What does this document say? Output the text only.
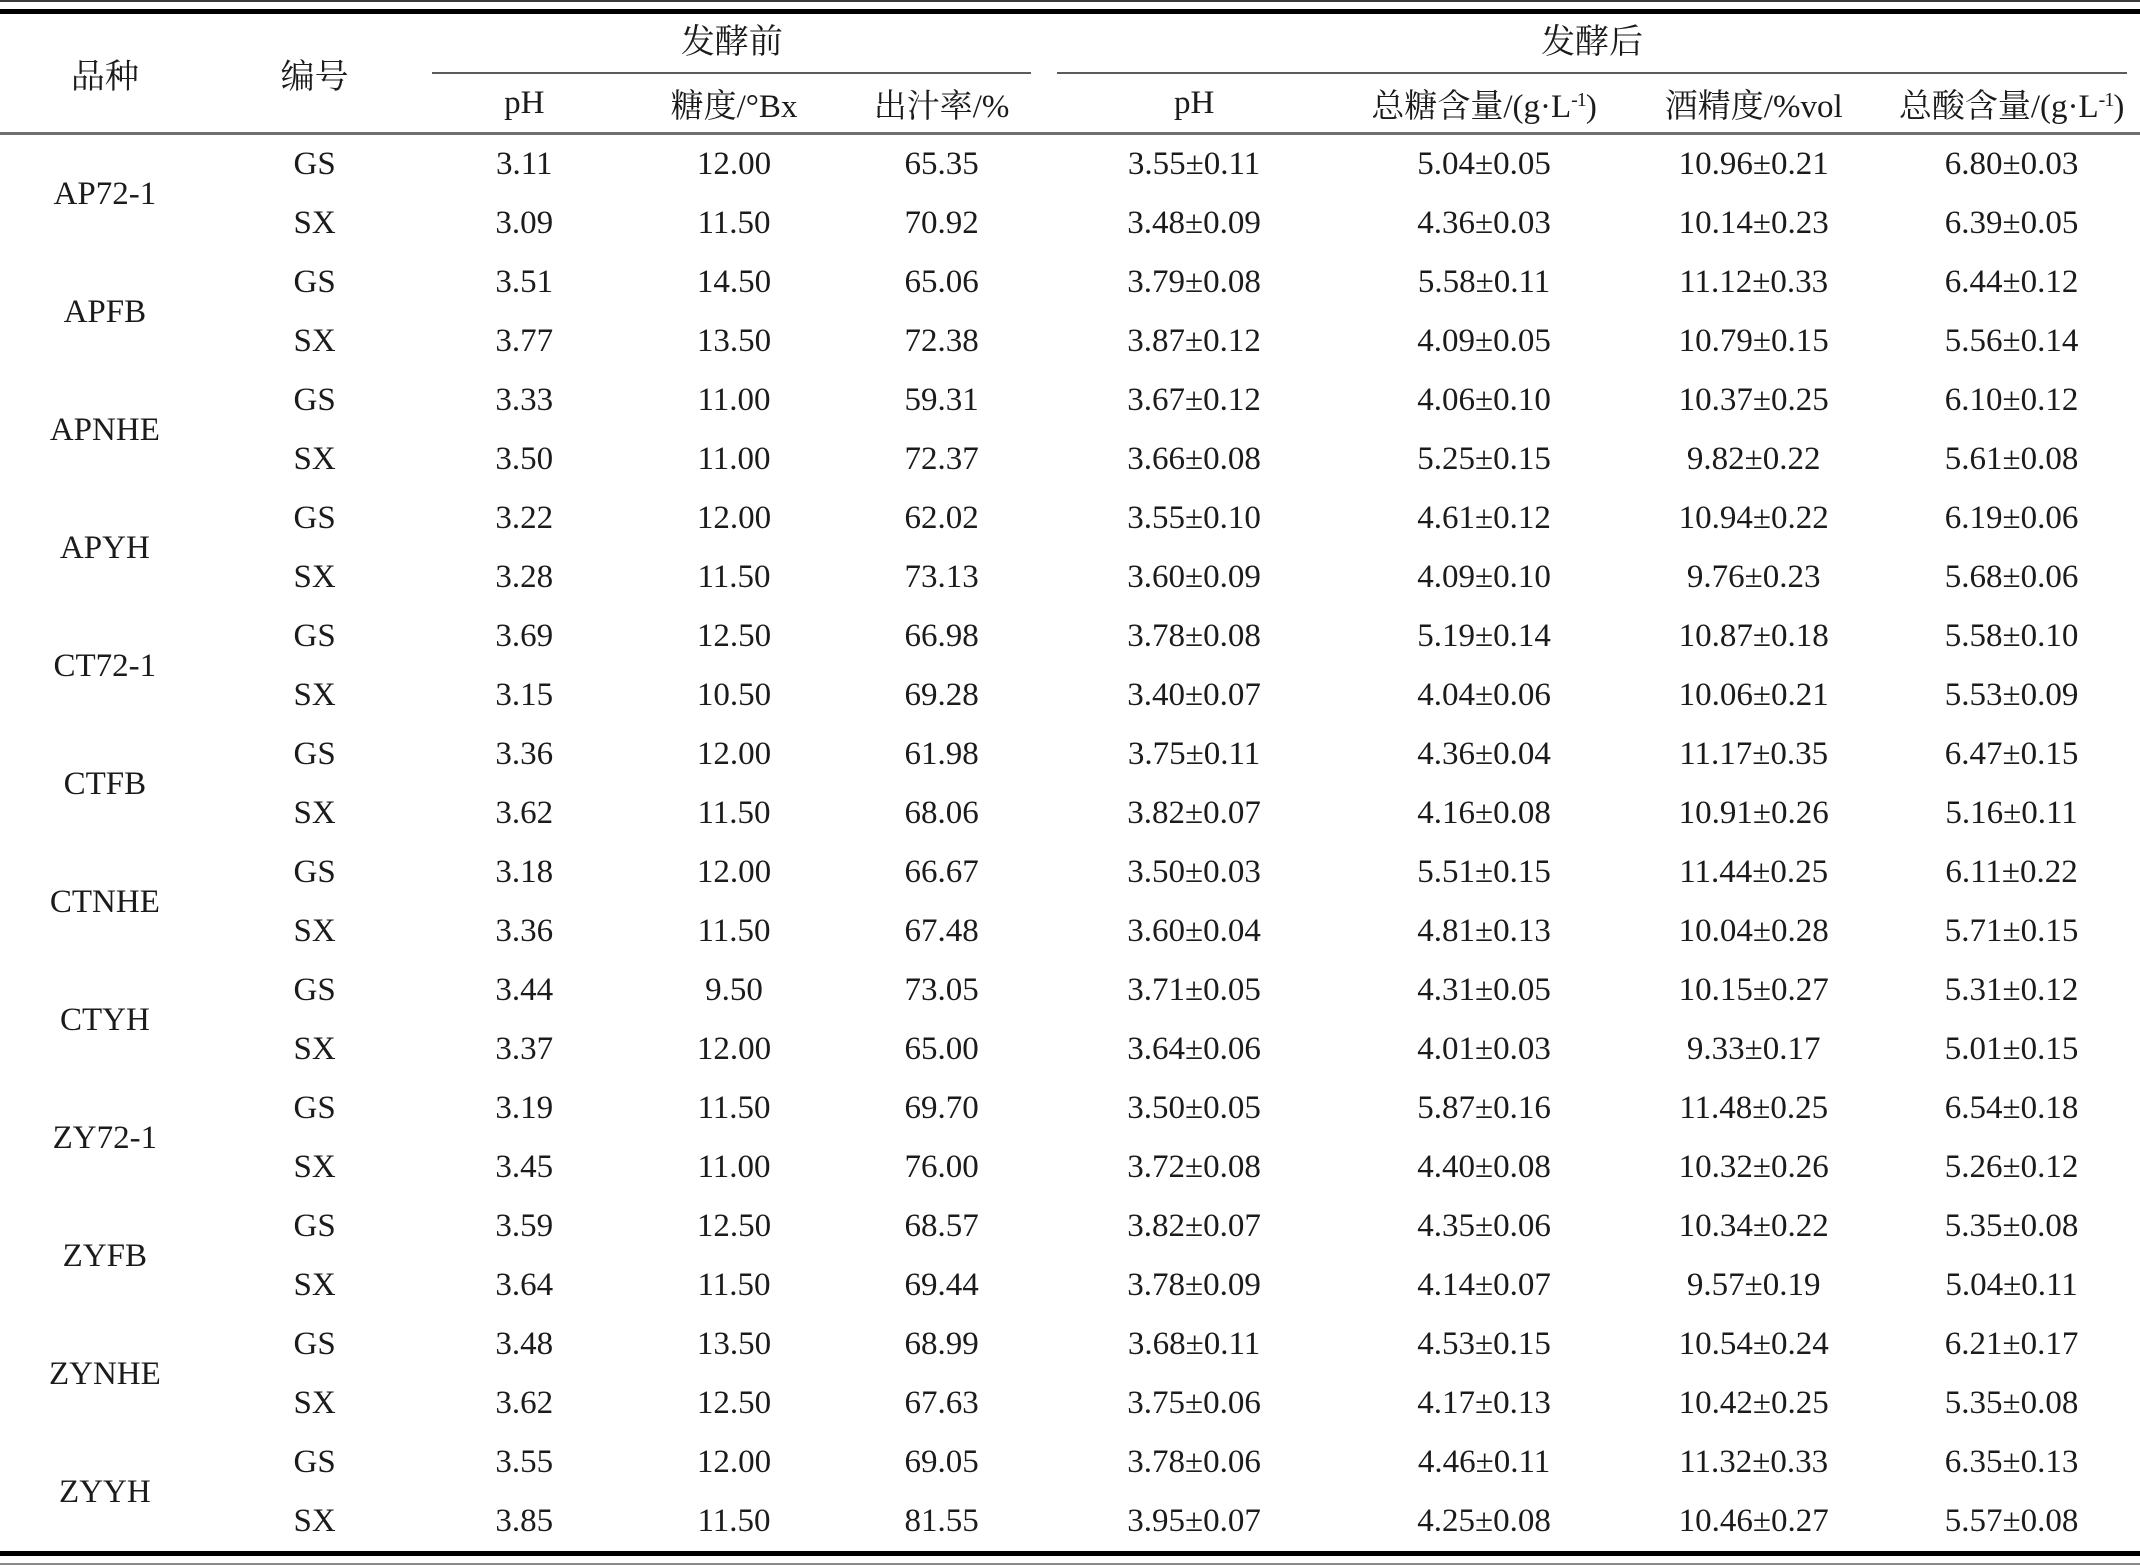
品种	编号	发酵前			发酵后			

		pH	糖度/°Bx	出汁率/%	pH	总糖含量$/(g\cdot L^{-1})$	酒精度/%vol	总酸含量$/(g\cdot L^{-1})$
AP72-1	GS	3.11	12.00	65.35	3.55±0.11	5.04±0.05	10.96±0.21	6.80±0.03
	SX	3.09	11.50	70.92	3.48±0.09	4.36±0.03	10.14±0.23	6.39±0.05
APFB	GS	3.51	14.50	65.06	3.79±0.08	5.58±0.11	11.12±0.33	6.44±0.12
	SX	3.77	13.50	72.38	3.87±0.12	4.09±0.05	10.79±0.15	5.56±0.14
APNHE	GS	3.33	11.00	59.31	3.67±0.12	4.06±0.10	10.37±0.25	6.10±0.12
	SX	3.50	11.00	72.37	3.66±0.08	5.25±0.15	9.82±0.22	5.61±0.08
APYH	GS	3.22	12.00	62.02	3.55±0.10	4.61±0.12	10.94±0.22	6.19±0.06
	SX	3.28	11.50	73.13	3.60±0.09	4.09±0.10	9.76±0.23	5.68±0.06
CT72-1	GS	3.69	12.50	66.98	3.78±0.08	5.19±0.14	10.87±0.18	5.58±0.10
	SX	3.15	10.50	69.28	3.40±0.07	4.04±0.06	10.06±0.21	5.53±0.09
CTFB	GS	3.36	12.00	61.98	3.75±0.11	4.36±0.04	11.17±0.35	6.47±0.15
	SX	3.62	11.50	68.06	3.82±0.07	4.16±0.08	10.91±0.26	5.16±0.11
CTNHE	GS	3.18	12.00	66.67	3.50±0.03	5.51±0.15	11.44±0.25	6.11±0.22
	SX	3.36	11.50	67.48	3.60±0.04	4.81±0.13	10.04±0.28	5.71±0.15
CTYH	GS	3.44	9.50	73.05	3.71±0.05	4.31±0.05	10.15±0.27	5.31±0.12
	SX	3.37	12.00	65.00	3.64±0.06	4.01±0.03	9.33±0.17	5.01±0.15
ZY72-1	GS	3.19	11.50	69.70	3.50±0.05	5.87±0.16	11.48±0.25	6.54±0.18
	SX	3.45	11.00	76.00	3.72±0.08	4.40±0.08	10.32±0.26	5.26±0.12
ZYFB	GS	3.59	12.50	68.57	3.82±0.07	4.35±0.06	10.34±0.22	5.35±0.08
	SX	3.64	11.50	69.44	3.78±0.09	4.14±0.07	9.57±0.19	5.04±0.11
ZYNHE	GS	3.48	13.50	68.99	3.68±0.11	4.53±0.15	10.54±0.24	6.21±0.17
	SX	3.62	12.50	67.63	3.75±0.06	4.17±0.13	10.42±0.25	5.35±0.08
ZYYH	GS	3.55	12.00	69.05	3.78±0.06	4.46±0.11	11.32±0.33	6.35±0.13
	SX	3.85	11.50	81.55	3.95±0.07	4.25±0.08	10.46±0.27	5.57±0.08
